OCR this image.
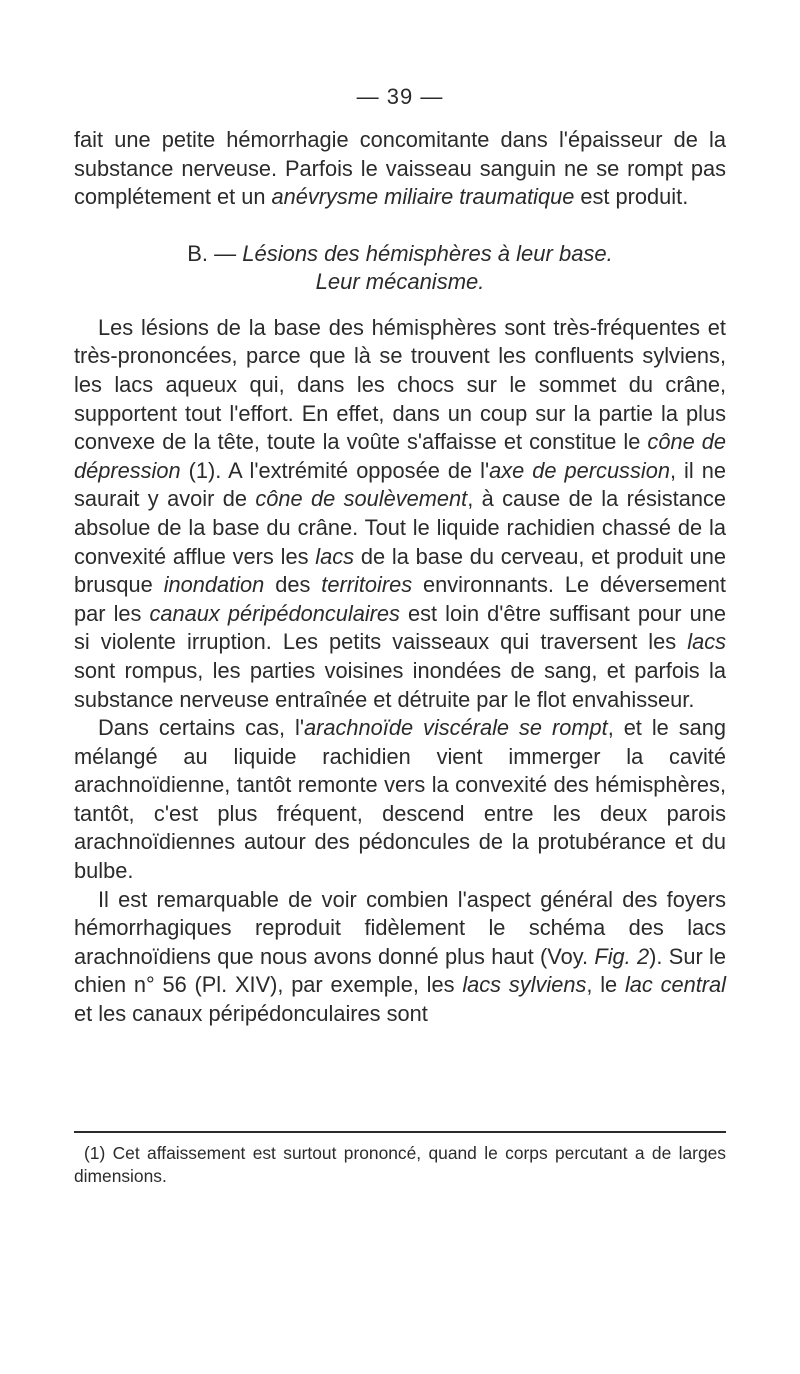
— 39 —

fait une petite hémorrhagie concomitante dans l'épaisseur de la substance nerveuse. Parfois le vaisseau sanguin ne se rompt pas complétement et un anévrysme miliaire traumatique est produit.

B. — Lésions des hémisphères à leur base.
Leur mécanisme.

Les lésions de la base des hémisphères sont très-fréquentes et très-prononcées, parce que là se trouvent les confluents sylviens, les lacs aqueux qui, dans les chocs sur le sommet du crâne, supportent tout l'effort. En effet, dans un coup sur la partie la plus convexe de la tête, toute la voûte s'affaisse et constitue le cône de dépression (1). A l'extrémité opposée de l'axe de percussion, il ne saurait y avoir de cône de soulèvement, à cause de la résistance absolue de la base du crâne. Tout le liquide rachidien chassé de la convexité afflue vers les lacs de la base du cerveau, et produit une brusque inondation des territoires environnants. Le déversement par les canaux péripédonculaires est loin d'être suffisant pour une si violente irruption. Les petits vaisseaux qui traversent les lacs sont rompus, les parties voisines inondées de sang, et parfois la substance nerveuse entraînée et détruite par le flot envahisseur.

Dans certains cas, l'arachnoïde viscérale se rompt, et le sang mélangé au liquide rachidien vient immerger la cavité arachnoïdienne, tantôt remonte vers la convexité des hémisphères, tantôt, c'est plus fréquent, descend entre les deux parois arachnoïdiennes autour des pédoncules de la protubérance et du bulbe.

Il est remarquable de voir combien l'aspect général des foyers hémorrhagiques reproduit fidèlement le schéma des lacs arachnoïdiens que nous avons donné plus haut (Voy. Fig. 2). Sur le chien n° 56 (Pl. XIV), par exemple, les lacs sylviens, le lac central et les canaux péripédonculaires sont

(1) Cet affaissement est surtout prononcé, quand le corps percutant a de larges dimensions.
